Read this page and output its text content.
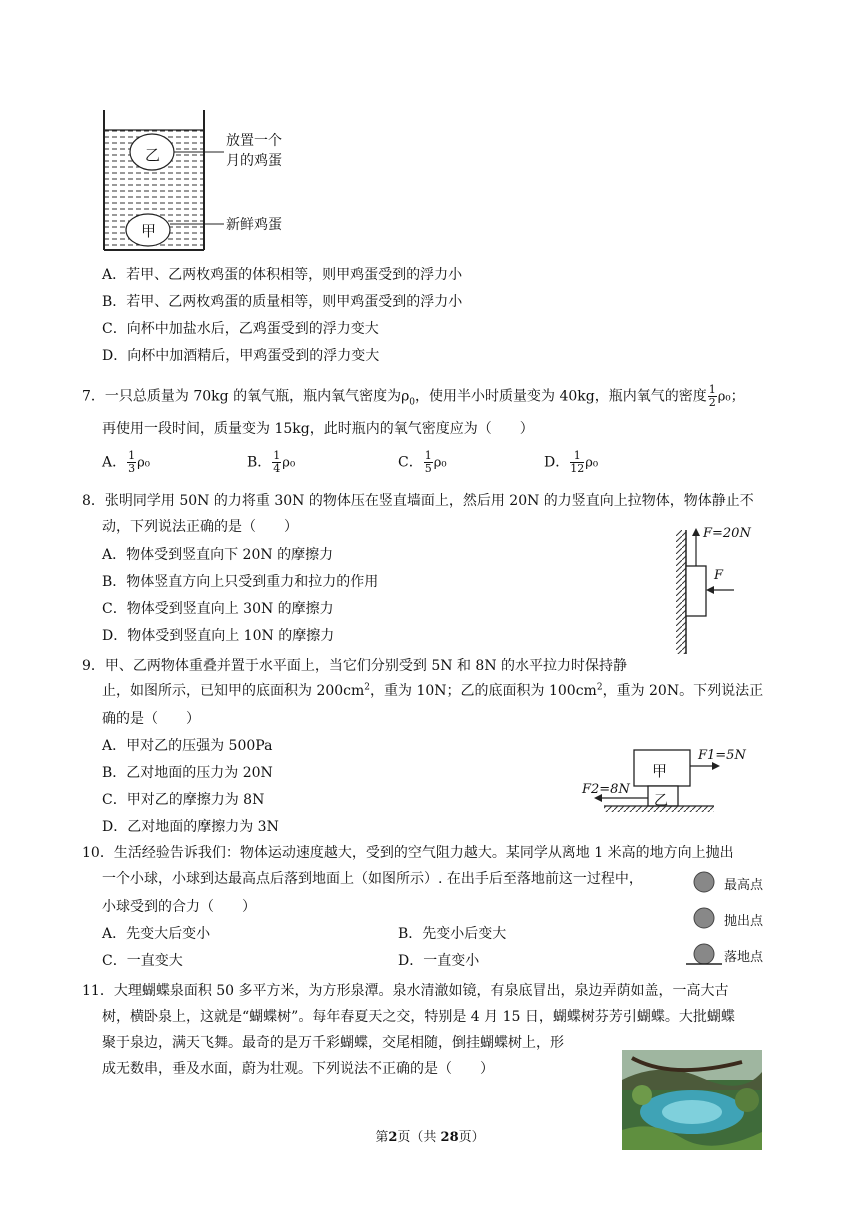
乙
甲
放置一个
月的鸡蛋
新鲜鸡蛋
A．若甲、乙两枚鸡蛋的体积相等，则甲鸡蛋受到的浮力小
B．若甲、乙两枚鸡蛋的质量相等，则甲鸡蛋受到的浮力小
C．向杯中加盐水后，乙鸡蛋受到的浮力变大
D．向杯中加酒精后，甲鸡蛋受到的浮力变大
7．一只总质量为 70kg 的氧气瓶，瓶内氧气密度为$\rho_0$，使用半小时质量变为 40kg，瓶内氧气的密度 $\frac{1}{2} \rho_0$；
再使用一段时间，质量变为 15kg，此时瓶内的氧气密度应为（　　）
A． $\frac{1}{3} \rho_0$	B． $\frac{1}{4} \rho_0$	C． $\frac{1}{5} \rho_0$	D． $\frac{1}{12} \rho_0$
8．张明同学用 50N 的力将重 30N 的物体压在竖直墙面上，然后用 20N 的力竖直向上拉物体，物体静止不
动，下列说法正确的是（　　）
A．物体受到竖直向下 20N 的摩擦力
B．物体竖直方向上只受到重力和拉力的作用
C．物体受到竖直向上 30N 的摩擦力
D．物体受到竖直向上 10N 的摩擦力
F=20N
F
9．甲、乙两物体重叠并置于水平面上，当它们分别受到 5N 和 8N 的水平拉力时保持静
止，如图所示，已知甲的底面积为 $200cm^2$，重为 10N；乙的底面积为 $100cm^2$，重为 20N。下列说法正
确的是（　　）
A．甲对乙的压强为 500Pa
B．乙对地面的压力为 20N
C．甲对乙的摩擦力为 8N
D．乙对地面的摩擦力为 3N
甲
乙
F1=5N
F2=8N
10．生活经验告诉我们：物体运动速度越大，受到的空气阻力越大。某同学从离地 1 米高的地方向上抛出
一个小球，小球到达最高点后落到地面上（如图所示）. 在出手后至落地前这一过程中，
小球受到的合力（　　）
A．先变大后变小	B．先变小后变大
C．一直变大	D．一直变小
最高点
抛出点
落地点
11．大理蝴蝶泉面积 50 多平方米，为方形泉潭。泉水清澈如镜，有泉底冒出，泉边弄荫如盖，一高大古
树，横卧泉上，这就是“蝴蝶树”。每年春夏天之交，特别是 4 月 15 日，蝴蝶树芬芳引蝴蝶。大批蝴蝶
聚于泉边，满天飞舞。最奇的是万千彩蝴蝶，交尾相随，倒挂蝴蝶树上，形
成无数串，垂及水面，蔚为壮观。下列说法不正确的是（　　）
第2页（共 28页）
